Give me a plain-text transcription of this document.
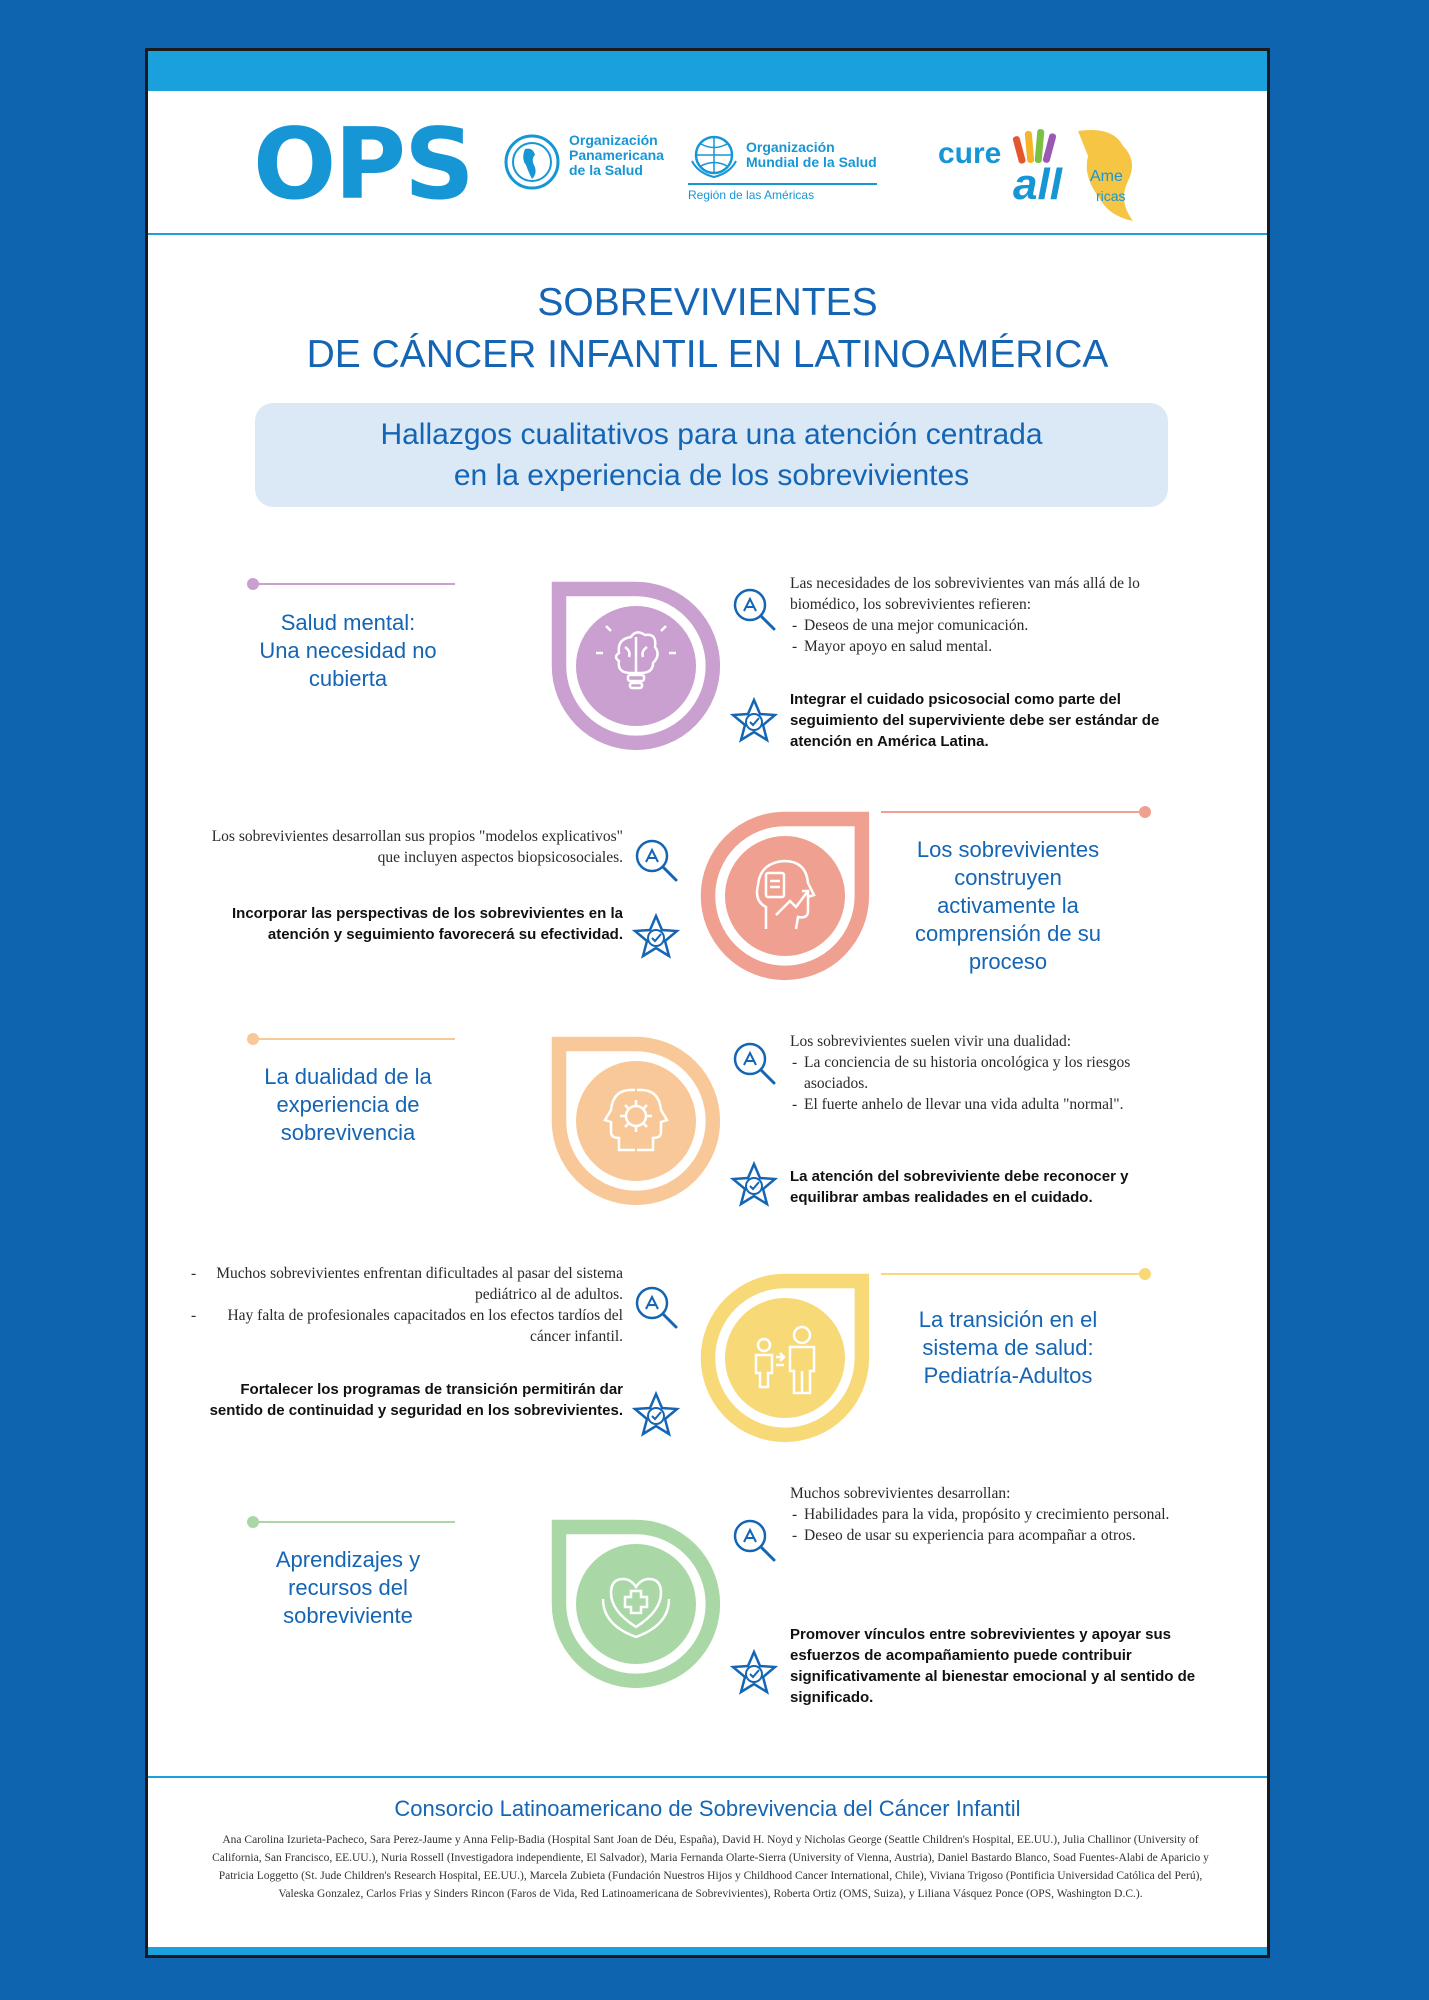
OPS	Organización
Panamericana
de la Salud
Organización
Mundial de la Salud
Región de las Américas
cure
all Ame
ricas
SOBREVIVIENTES
DE CÁNCER INFANTIL EN LATINOAMÉRICA
Hallazgos cualitativos para una atención centrada
en la experiencia de los sobrevivientes
Salud mental:
Una necesidad no
cubierta
Las necesidades de los sobrevivientes van más allá de lo biomédico, los sobrevivientes refieren:
- Deseos de una mejor comunicación.
- Mayor apoyo en salud mental.
Integrar el cuidado psicosocial como parte del seguimiento del superviviente debe ser estándar de atención en América Latina.
Los sobrevivientes desarrollan sus propios "modelos explicativos" que incluyen aspectos biopsicosociales.
Incorporar las perspectivas de los sobrevivientes en la atención y seguimiento favorecerá su efectividad.
Los sobrevivientes
construyen
activamente la
comprensión de su
proceso
La dualidad de la
experiencia de
sobrevivencia
Los sobrevivientes suelen vivir una dualidad:
- La conciencia de su historia oncológica y los riesgos asociados.
- El fuerte anhelo de llevar una vida adulta "normal".
La atención del sobreviviente debe reconocer y equilibrar ambas realidades en el cuidado.
- Muchos sobrevivientes enfrentan dificultades al pasar del sistema pediátrico al de adultos.
- Hay falta de profesionales capacitados en los efectos tardíos del cáncer infantil.
Fortalecer los programas de transición permitirán dar sentido de continuidad y seguridad en los sobrevivientes.
La transición en el
sistema de salud:
Pediatría-Adultos
Aprendizajes y
recursos del
sobreviviente
Muchos sobrevivientes desarrollan:
- Habilidades para la vida, propósito y crecimiento personal.
- Deseo de usar su experiencia para acompañar a otros.
Promover vínculos entre sobrevivientes y apoyar sus esfuerzos de acompañamiento puede contribuir significativamente al bienestar emocional y al sentido de significado.
Consorcio Latinoamericano de Sobrevivencia del Cáncer Infantil
Ana Carolina Izurieta-Pacheco, Sara Perez-Jaume y Anna Felip-Badia (Hospital Sant Joan de Déu, España), David H. Noyd y Nicholas George (Seattle Children's Hospital, EE.UU.), Julia Challinor (University of California, San Francisco, EE.UU.), Nuria Rossell (Investigadora independiente, El Salvador), Maria Fernanda Olarte-Sierra (University of Vienna, Austria), Daniel Bastardo Blanco, Soad Fuentes-Alabi de Aparicio y Patricia Loggetto (St. Jude Children's Research Hospital, EE.UU.), Marcela Zubieta (Fundación Nuestros Hijos y Childhood Cancer International, Chile), Viviana Trigoso (Pontificia Universidad Católica del Perú), Valeska Gonzalez, Carlos Frias y Sinders Rincon (Faros de Vida, Red Latinoamericana de Sobrevivientes), Roberta Ortiz (OMS, Suiza), y Liliana Vásquez Ponce (OPS, Washington D.C.).
